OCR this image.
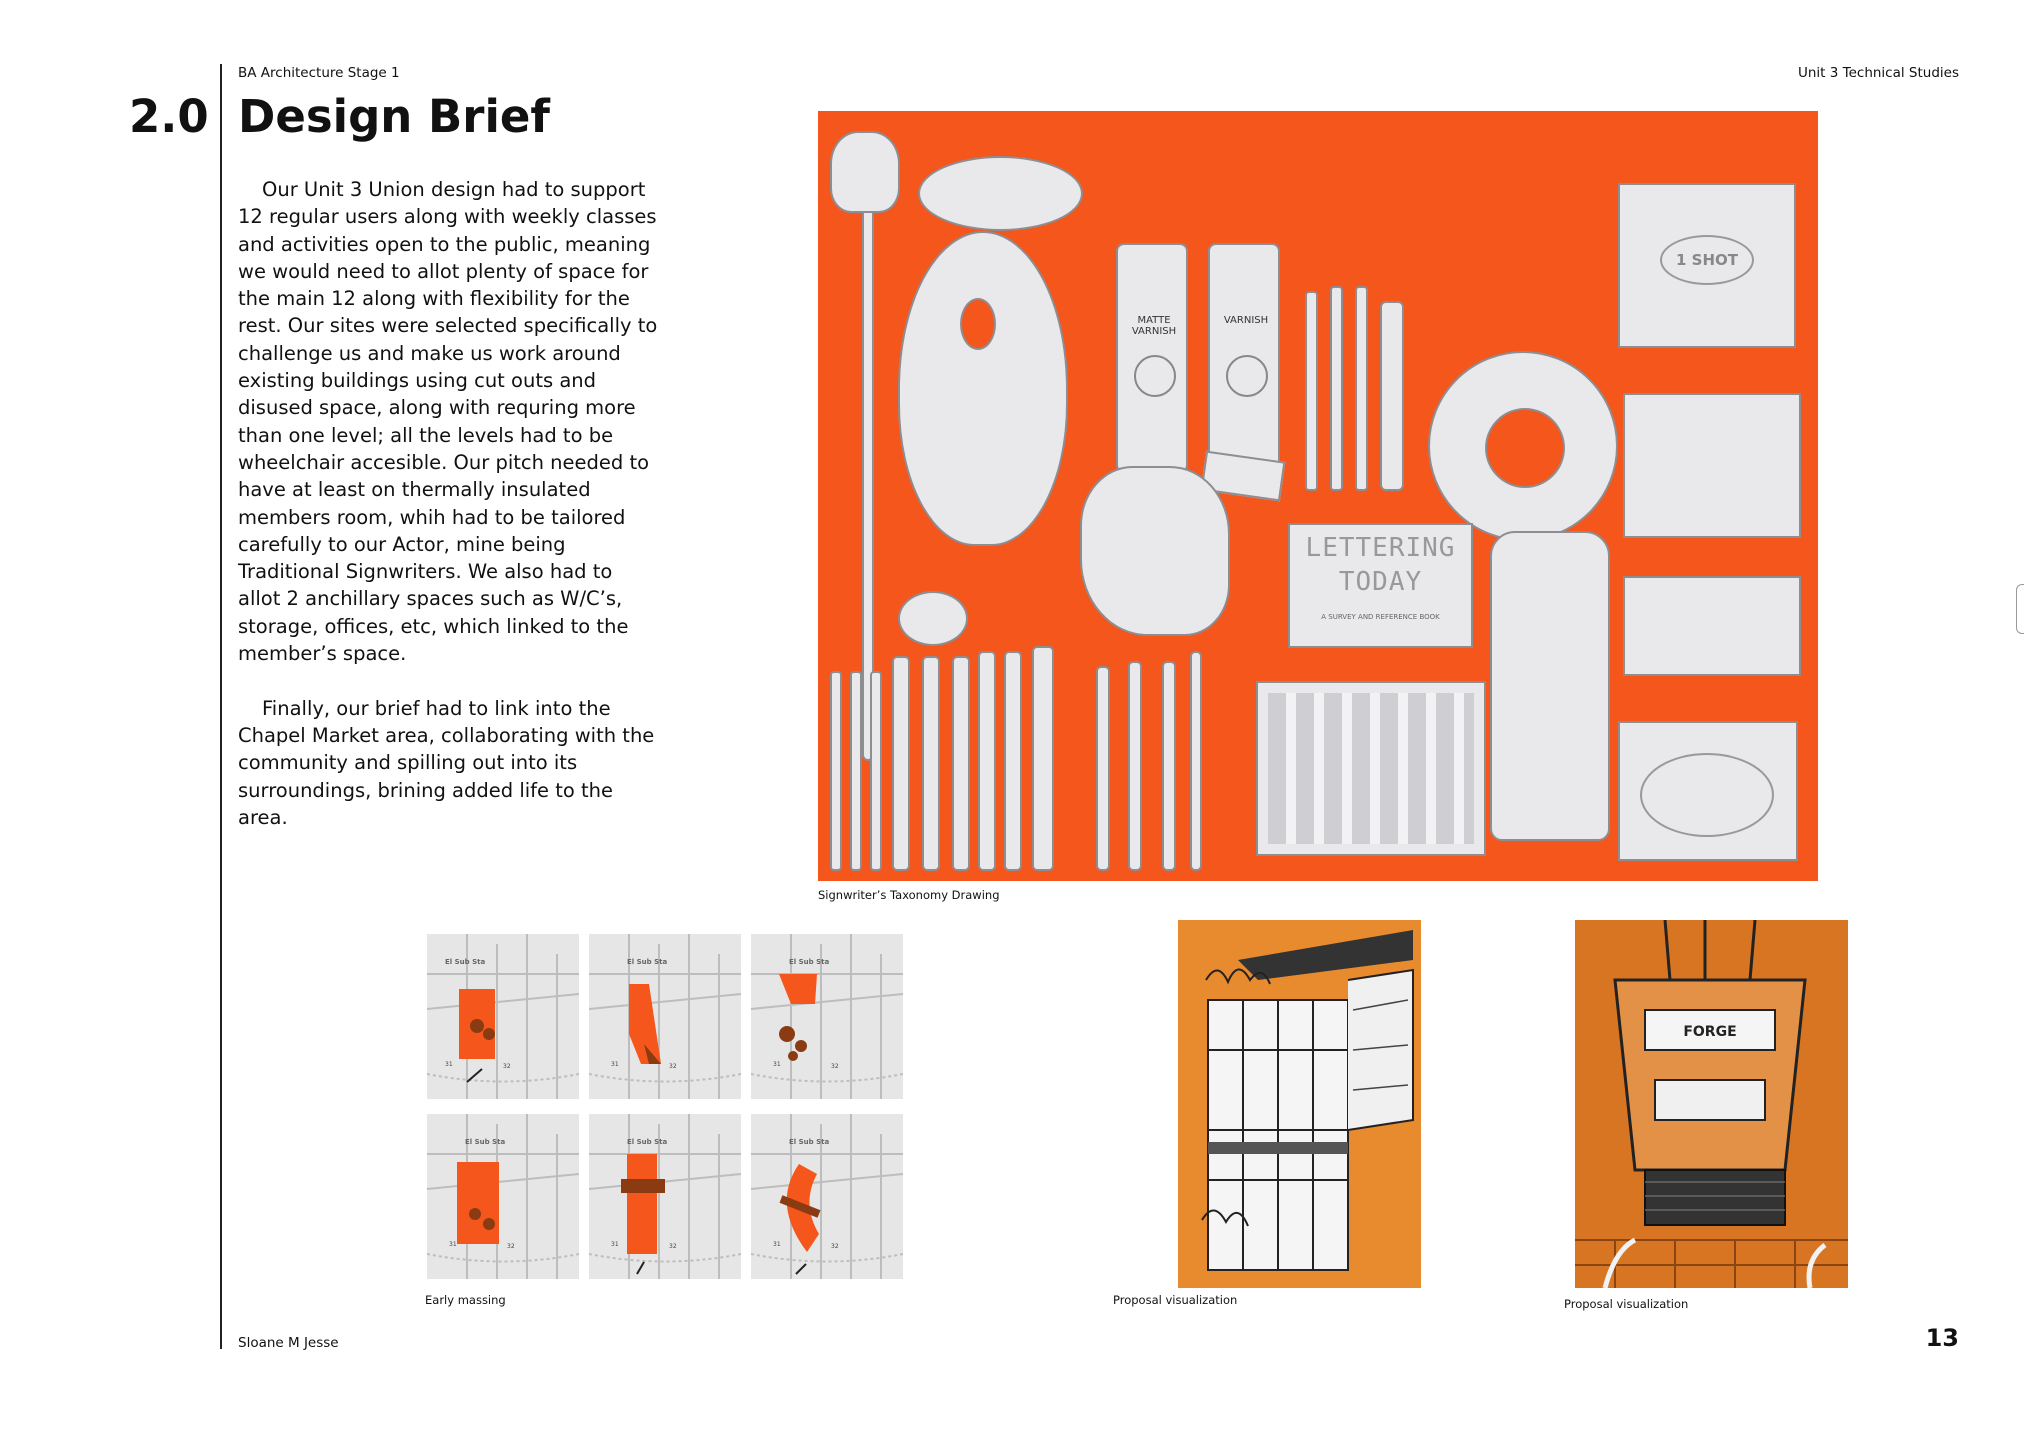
BA Architecture Stage 1	Unit 3 Technical Studies
2.0 Design Brief

Our Unit 3 Union design had to support 12 regular users along with weekly classes and activities open to the public, meaning we would need to allot plenty of space for the main 12 along with flexibility for the rest. Our sites were selected specifically to challenge us and make us work around existing buildings using cut outs and disused space, along with requring more than one level; all the levels had to be wheelchair accesible. Our pitch needed to have at least on thermally insulated members room, whih had to be tailored carefully to our Actor, mine being Traditional Signwriters. We also had to allot 2 anchillary spaces such as W/C’s, storage, offices, etc, which linked to the member’s space.

Finally, our brief had to link into the Chapel Market area, collaborating with the community and spilling out into its surroundings, brining added life to the area.

MATTE VARNISH
VARNISH
LETTERING
TODAY
A SURVEY AND REFERENCE BOOK
1 SHOT
Signwriter’s Taxonomy Drawing
El Sub Sta
31	32
El Sub Sta
31	32
El Sub Sta
31	32
El Sub Sta
31	32
El Sub Sta
31	32
El Sub Sta
31	32
Early massing	Proposal visualization
FORGE
Proposal visualization
Sloane M Jesse	13
